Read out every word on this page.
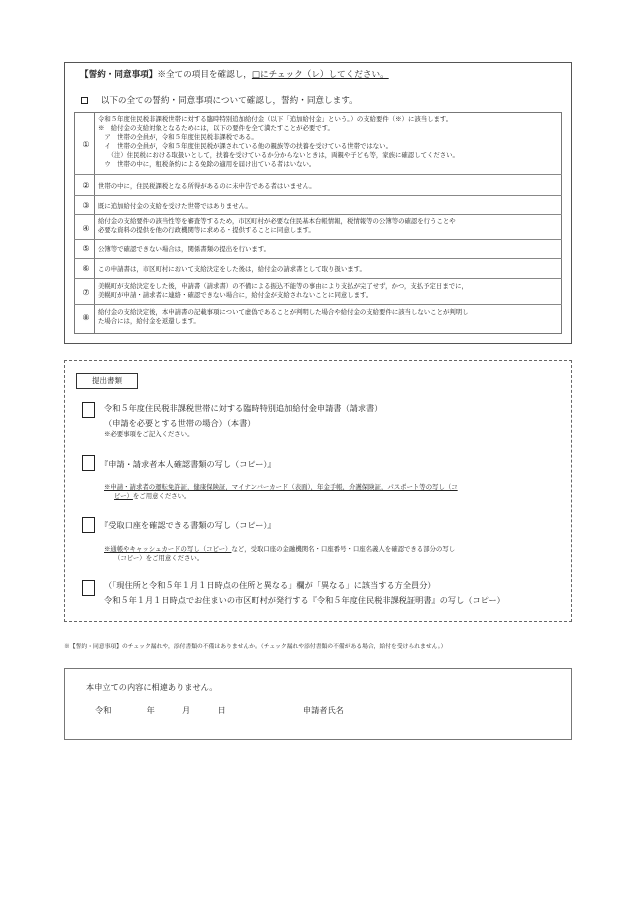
【誓約・同意事項】※全ての項目を確認し，□にチェック（レ）してください。
以下の全ての誓約・同意事項について確認し，誓約・同意します。
①
令和５年度住民税非課税世帯に対する臨時特別追加給付金（以下「追加給付金」という。）の支給要件（※）に該当します。
※　給付金の支給対象となるためには，以下の要件を全て満たすことが必要です。
　ア　世帯の全員が，令和５年度住民税非課税である。
　イ　世帯の全員が，令和５年度住民税が課されている他の親族等の扶養を受けている世帯ではない。
　　（注）住民税における取扱いとして，扶養を受けているか分からないときは，両親や子ども等，家族に確認してください。
　ウ　世帯の中に，租税条約による免除の適用を届け出ている者はいない。
②	世帯の中に，住民税課税となる所得があるのに未申告である者はいません。
③	既に追加給付金の支給を受けた世帯ではありません。
④
給付金の支給要件の該当性等を審査等するため，市区町村が必要な住民基本台帳情報，税情報等の公簿等の確認を行うことや
必要な資料の提供を他の行政機関等に求める・提供することに同意します。
⑤	公簿等で確認できない場合は，関係書類の提出を行います。
⑥	この申請書は，市区町村において支給決定をした後は，給付金の請求書として取り扱います。
⑦
美幌町が支給決定をした後，申請書（請求書）の不備による振込不能等の事由により支払が完了せず，かつ，支払予定日までに，
美幌町が申請・請求者に連絡・確認できない場合に，給付金が支給されないことに同意します。
⑧
給付金の支給決定後，本申請書の記載事項について虚偽であることが判明した場合や給付金の支給要件に該当しないことが判明し
た場合には，給付金を返還します。
提出書類
令和５年度住民税非課税世帯に対する臨時特別追加給付金申請書（請求書）
（申請を必要とする世帯の場合）（本書）
※必要事項をご記入ください。
『申請・請求者本人確認書類の写し（コピー）』
※申請・請求者の運転免許証，健康保険証，マイナンバーカード（表面），年金手帳，介護保険証，パスポート等の写し（コ
ピー）をご用意ください。
『受取口座を確認できる書類の写し（コピー）』
※通帳やキャッシュカードの写し（コピー）など，受取口座の金融機関名・口座番号・口座名義人を確認できる部分の写し
（コピー）をご用意ください。
（「現住所と令和５年１月１日時点の住所と異なる」欄が「異なる」に該当する方全員分）
令和５年１月１日時点でお住まいの市区町村が発行する『令和５年度住民税非課税証明書』の写し（コピー）
※【誓約・同意事項】のチェック漏れや，添付書類の不備はありませんか。（チェック漏れや添付書類の不備がある場合，給付を受けられません。）
本申立ての内容に相違ありません。
令和	年	月	日	申請者氏名
